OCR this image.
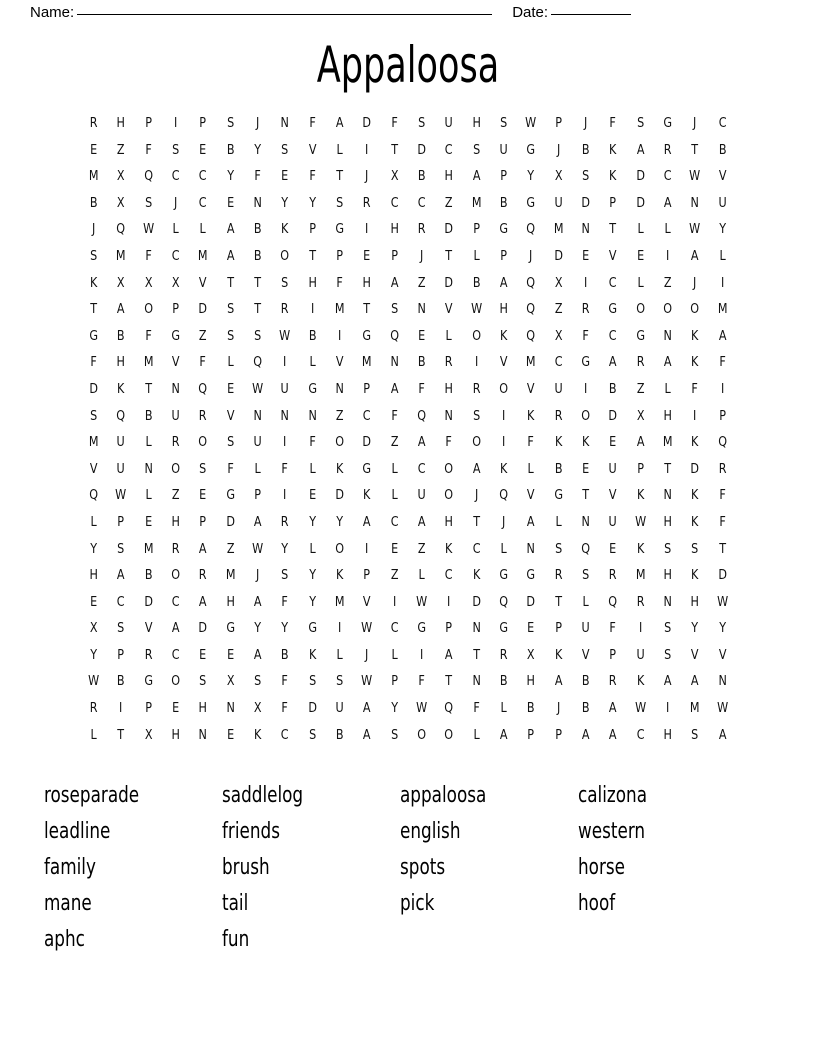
Name:	Date:
Appaloosa
R	H	P	I	P	S	J	N	F	A	D	F	S	U	H	S	W	P	J	F	S	G	J	C
E	Z	F	S	E	B	Y	S	V	L	I	T	D	C	S	U	G	J	B	K	A	R	T	B
M	X	Q	C	C	Y	F	E	F	T	J	X	B	H	A	P	Y	X	S	K	D	C	W	V
B	X	S	J	C	E	N	Y	Y	S	R	C	C	Z	M	B	G	U	D	P	D	A	N	U
J	Q	W	L	L	A	B	K	P	G	I	H	R	D	P	G	Q	M	N	T	L	L	W	Y
S	M	F	C	M	A	B	O	T	P	E	P	J	T	L	P	J	D	E	V	E	I	A	L
K	X	X	X	V	T	T	S	H	F	H	A	Z	D	B	A	Q	X	I	C	L	Z	J	I
T	A	O	P	D	S	T	R	I	M	T	S	N	V	W	H	Q	Z	R	G	O	O	O	M
G	B	F	G	Z	S	S	W	B	I	G	Q	E	L	O	K	Q	X	F	C	G	N	K	A
F	H	M	V	F	L	Q	I	L	V	M	N	B	R	I	V	M	C	G	A	R	A	K	F
D	K	T	N	Q	E	W	U	G	N	P	A	F	H	R	O	V	U	I	B	Z	L	F	I
S	Q	B	U	R	V	N	N	N	Z	C	F	Q	N	S	I	K	R	O	D	X	H	I	P
M	U	L	R	O	S	U	I	F	O	D	Z	A	F	O	I	F	K	K	E	A	M	K	Q
V	U	N	O	S	F	L	F	L	K	G	L	C	O	A	K	L	B	E	U	P	T	D	R
Q	W	L	Z	E	G	P	I	E	D	K	L	U	O	J	Q	V	G	T	V	K	N	K	F
L	P	E	H	P	D	A	R	Y	Y	A	C	A	H	T	J	A	L	N	U	W	H	K	F
Y	S	M	R	A	Z	W	Y	L	O	I	E	Z	K	C	L	N	S	Q	E	K	S	S	T
H	A	B	O	R	M	J	S	Y	K	P	Z	L	C	K	G	G	R	S	R	M	H	K	D
E	C	D	C	A	H	A	F	Y	M	V	I	W	I	D	Q	D	T	L	Q	R	N	H	W
X	S	V	A	D	G	Y	Y	G	I	W	C	G	P	N	G	E	P	U	F	I	S	Y	Y
Y	P	R	C	E	E	A	B	K	L	J	L	I	A	T	R	X	K	V	P	U	S	V	V
W	B	G	O	S	X	S	F	S	S	W	P	F	T	N	B	H	A	B	R	K	A	A	N
R	I	P	E	H	N	X	F	D	U	A	Y	W	Q	F	L	B	J	B	A	W	I	M	W
L	T	X	H	N	E	K	C	S	B	A	S	O	O	L	A	P	P	A	A	C	H	S	A
roseparade
leadline
family
mane
aphc
saddlelog
friends
brush
tail
fun
appaloosa
english
spots
pick
calizona
western
horse
hoof
